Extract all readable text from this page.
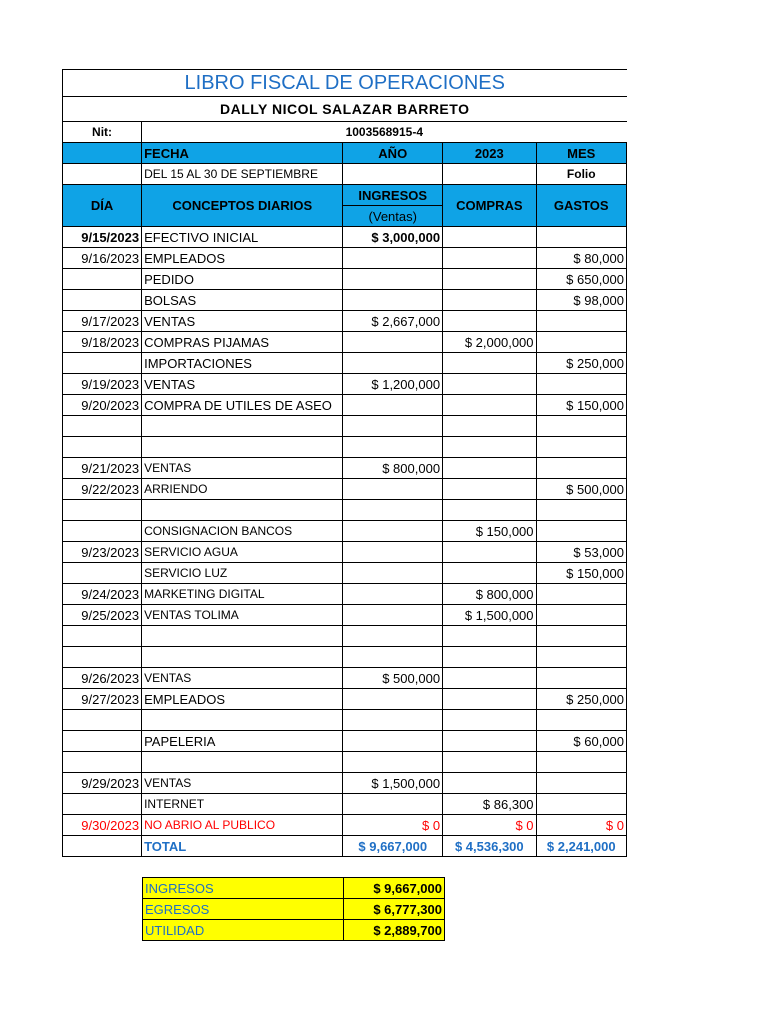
LIBRO FISCAL DE OPERACIONES				

DALLY NICOL SALAZAR BARRETO				

Nit:	1003568915-4			
	FECHA	AÑO	2023	MES
	DEL 15 AL 30 DE SEPTIEMBRE			Folio
DÍA	CONCEPTOS DIARIOS	INGRESOS	COMPRAS	GASTOS
		(Ventas)		
9/15/2023	EFECTIVO INICIAL	$ 3,000,000		
9/16/2023	EMPLEADOS			$ 80,000
	PEDIDO			$ 650,000
	BOLSAS			$ 98,000
9/17/2023	VENTAS	$ 2,667,000		
9/18/2023	COMPRAS PIJAMAS		$ 2,000,000	
	IMPORTACIONES			$ 250,000
9/19/2023	VENTAS	$ 1,200,000		
9/20/2023	COMPRA DE UTILES DE ASEO			$ 150,000

9/21/2023	VENTAS	$ 800,000		
9/22/2023	ARRIENDO			$ 500,000

	CONSIGNACION BANCOS		$ 150,000	
9/23/2023	SERVICIO AGUA			$ 53,000
	SERVICIO LUZ			$ 150,000
9/24/2023	MARKETING DIGITAL		$ 800,000	
9/25/2023	VENTAS TOLIMA		$ 1,500,000	

9/26/2023	VENTAS	$ 500,000		
9/27/2023	EMPLEADOS			$ 250,000

	PAPELERIA			$ 60,000

9/29/2023	VENTAS	$ 1,500,000		
	INTERNET		$ 86,300	
9/30/2023	NO ABRIO AL PUBLICO	$ 0	$ 0	$ 0
	TOTAL	$ 9,667,000	$ 4,536,300	$ 2,241,000
INGRESOS	$ 9,667,000
EGRESOS	$ 6,777,300
UTILIDAD	$ 2,889,700
